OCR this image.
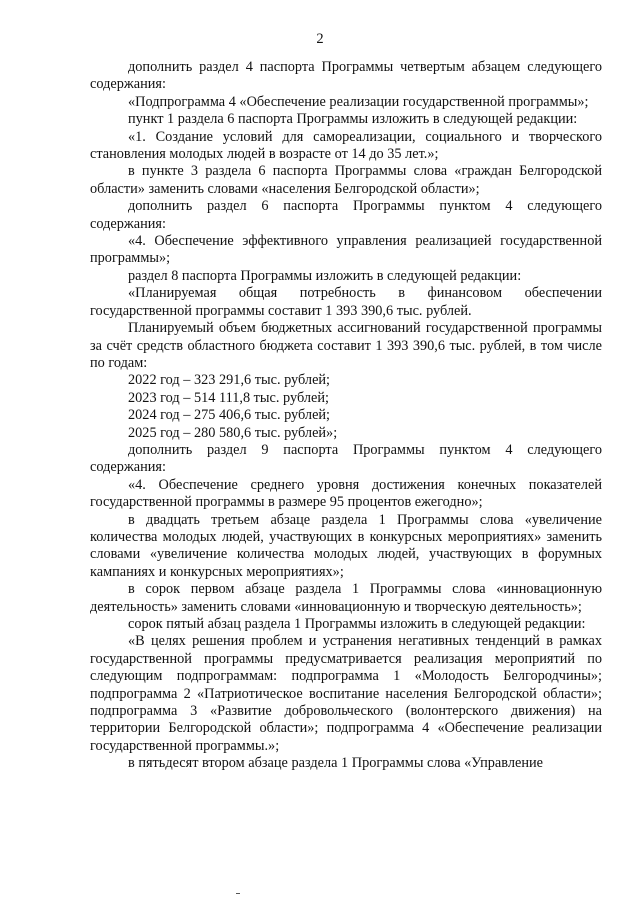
2

дополнить раздел 4 паспорта Программы четвертым абзацем следующего содержания:

«Подпрограмма 4 «Обеспечение реализации государственной программы»;

пункт 1 раздела 6 паспорта Программы изложить в следующей редакции:

«1. Создание условий для самореализации, социального и творческого становления молодых людей в возрасте от 14 до 35 лет.»;

в пункте 3 раздела 6 паспорта Программы слова «граждан Белгородской области» заменить словами «населения Белгородской области»;

дополнить раздел 6 паспорта Программы пунктом 4 следующего содержания:

«4. Обеспечение эффективного управления реализацией государственной программы»;

раздел 8 паспорта Программы изложить в следующей редакции:

«Планируемая общая потребность в финансовом обеспечении государственной программы составит 1 393 390,6 тыс. рублей.

Планируемый объем бюджетных ассигнований государственной программы за счёт средств областного бюджета составит 1 393 390,6 тыс. рублей, в том числе по годам:

2022 год – 323 291,6 тыс. рублей;

2023 год – 514 111,8 тыс. рублей;

2024 год – 275 406,6 тыс. рублей;

2025 год – 280 580,6 тыс. рублей»;

дополнить раздел 9 паспорта Программы пунктом 4 следующего содержания:

«4. Обеспечение среднего уровня достижения конечных показателей государственной программы в размере 95 процентов ежегодно»;

в двадцать третьем абзаце раздела 1 Программы слова «увеличение количества молодых людей, участвующих в конкурсных мероприятиях» заменить словами «увеличение количества молодых людей, участвующих в форумных кампаниях и конкурсных мероприятиях»;

в сорок первом абзаце раздела 1 Программы слова «инновационную деятельность» заменить словами «инновационную и творческую деятельность»;

сорок пятый абзац раздела 1 Программы изложить в следующей редакции:

«В целях решения проблем и устранения негативных тенденций в рамках государственной программы предусматривается реализация мероприятий по следующим подпрограммам: подпрограмма 1 «Молодость Белгородчины»; подпрограмма 2 «Патриотическое воспитание населения Белгородской области»; подпрограмма 3 «Развитие добровольческого (волонтерского движения) на территории Белгородской области»; подпрограмма 4 «Обеспечение реализации государственной программы.»;

в пятьдесят втором абзаце раздела 1 Программы слова «Управление
